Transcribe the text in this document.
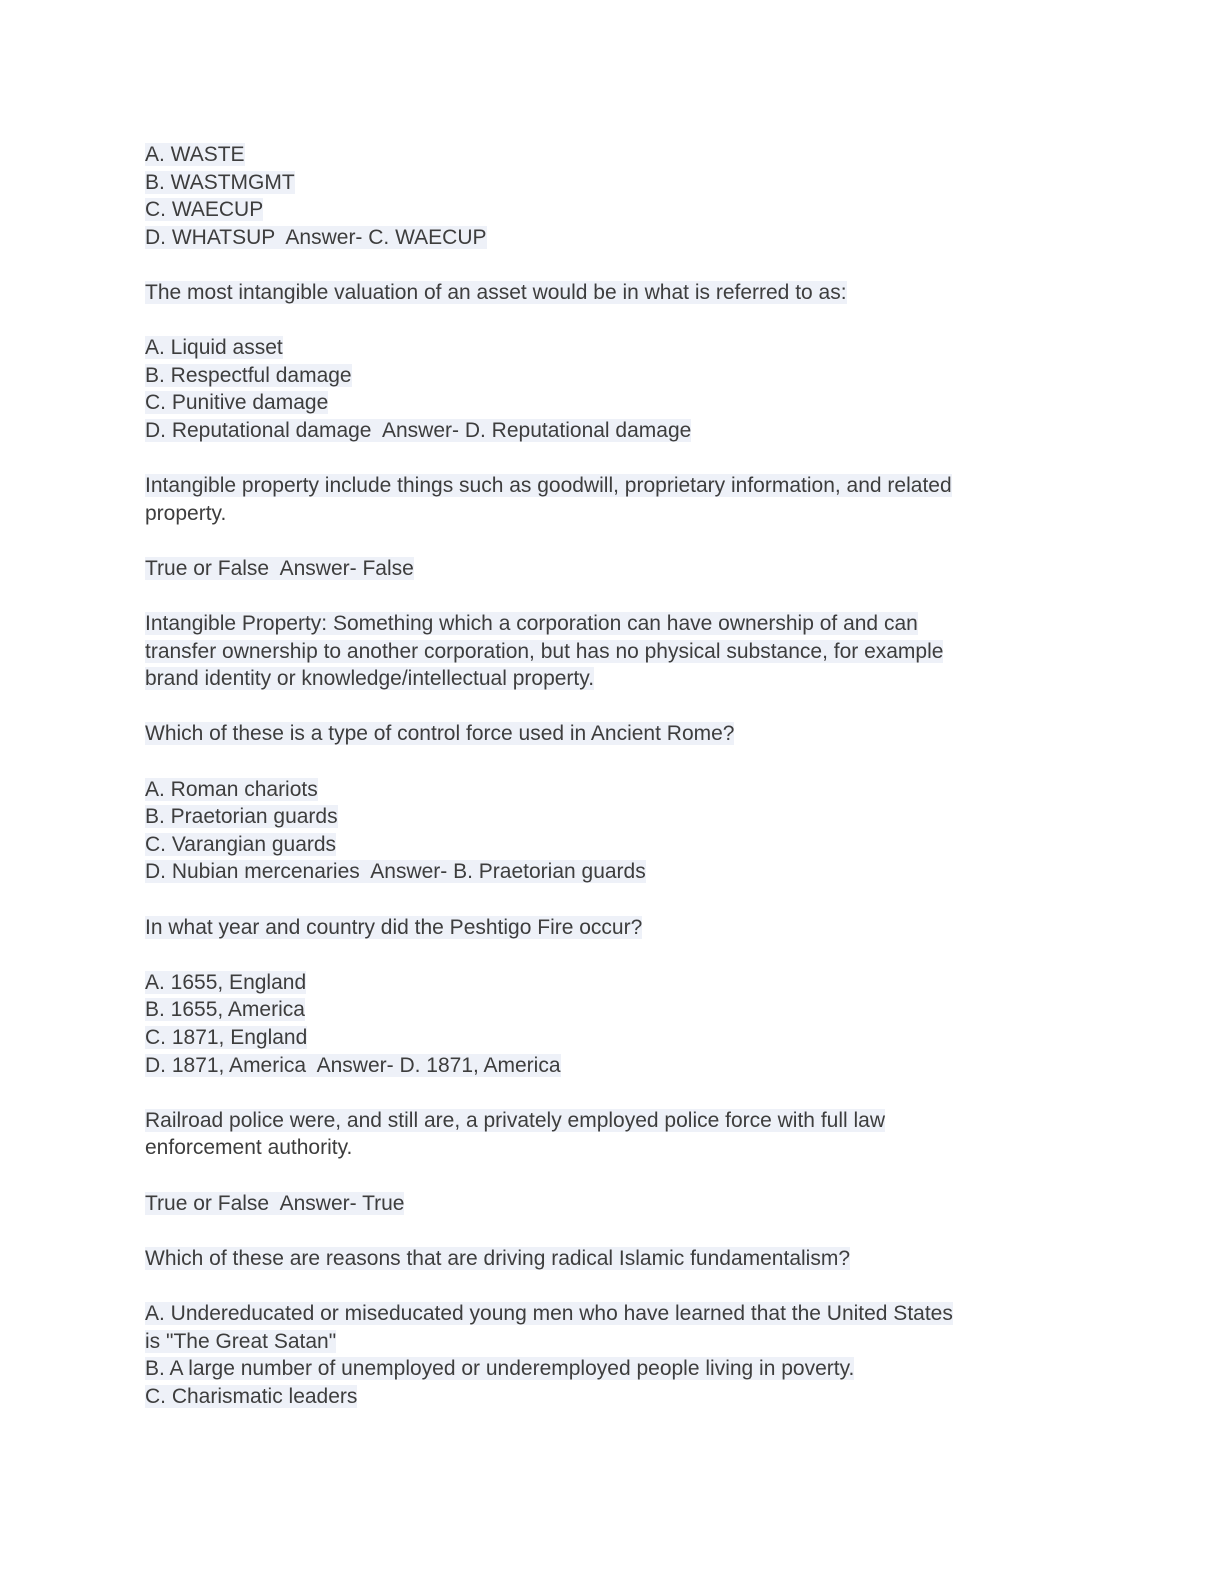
A. WASTE
B. WASTMGMT
C. WAECUP
D. WHATSUP  Answer- C. WAECUP
The most intangible valuation of an asset would be in what is referred to as:
A. Liquid asset
B. Respectful damage
C. Punitive damage
D. Reputational damage  Answer- D. Reputational damage
Intangible property include things such as goodwill, proprietary information, and related
property.
True or False  Answer- False
Intangible Property: Something which a corporation can have ownership of and can
transfer ownership to another corporation, but has no physical substance, for example
brand identity or knowledge/intellectual property.
Which of these is a type of control force used in Ancient Rome?
A. Roman chariots
B. Praetorian guards
C. Varangian guards
D. Nubian mercenaries  Answer- B. Praetorian guards
In what year and country did the Peshtigo Fire occur?
A. 1655, England
B. 1655, America
C. 1871, England
D. 1871, America  Answer- D. 1871, America
Railroad police were, and still are, a privately employed police force with full law
enforcement authority.
True or False  Answer- True
Which of these are reasons that are driving radical Islamic fundamentalism?
A. Undereducated or miseducated young men who have learned that the United States
is "The Great Satan"
B. A large number of unemployed or underemployed people living in poverty.
C. Charismatic leaders
